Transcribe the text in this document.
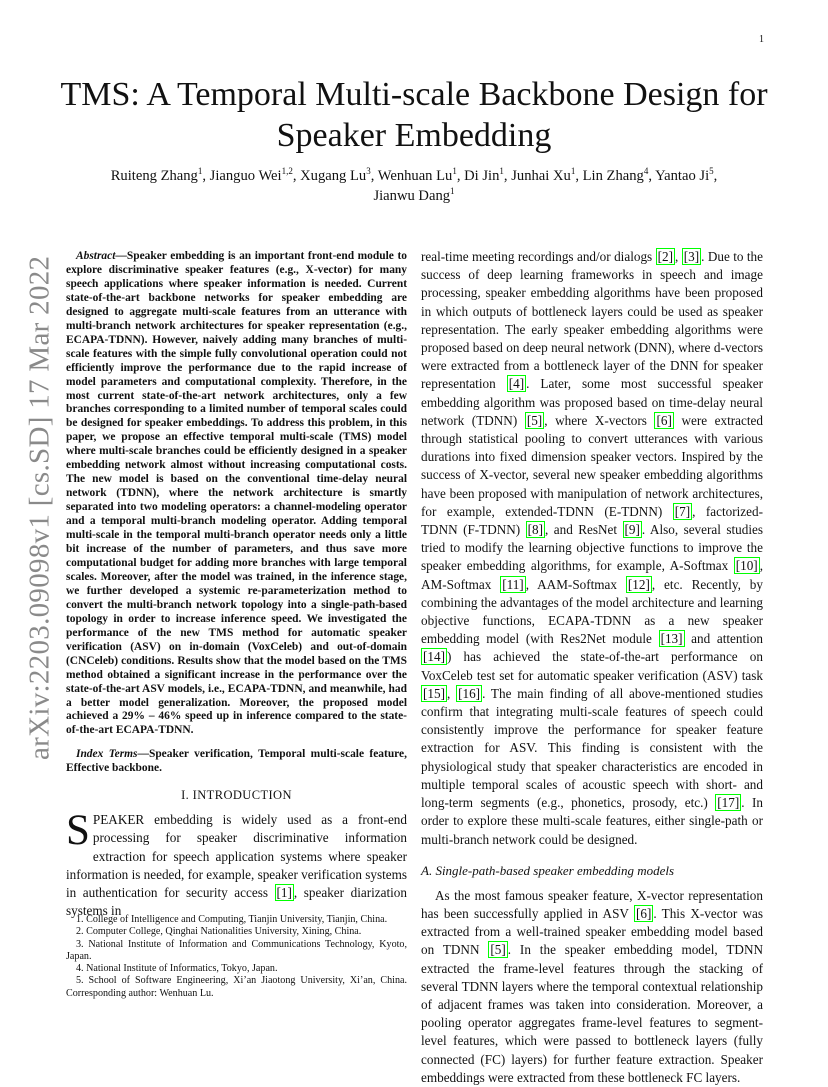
1
arXiv:2203.09098v1 [cs.SD] 17 Mar 2022
TMS: A Temporal Multi-scale Backbone Design for Speaker Embedding
Ruiteng Zhang$^1$, Jianguo Wei$^{1,2}$, Xugang Lu$^3$, Wenhuan Lu$^1$, Di Jin$^1$, Junhai Xu$^1$, Lin Zhang$^4$, Yantao Ji$^5$,
Jianwu Dang$^1$

Abstract—Speaker embedding is an important front-end module to explore discriminative speaker features (e.g., X-vector) for many speech applications where speaker information is needed. Current state-of-the-art backbone networks for speaker embedding are designed to aggregate multi-scale features from an utterance with multi-branch network architectures for speaker representation (e.g., ECAPA-TDNN). However, naively adding many branches of multi-scale features with the simple fully convolutional operation could not efficiently improve the performance due to the rapid increase of model parameters and computational complexity. Therefore, in the most current state-of-the-art network architectures, only a few branches corresponding to a limited number of temporal scales could be designed for speaker embeddings. To address this problem, in this paper, we propose an effective temporal multi-scale (TMS) model where multi-scale branches could be efficiently designed in a speaker embedding network almost without increasing computational costs. The new model is based on the conventional time-delay neural network (TDNN), where the network architecture is smartly separated into two modeling operators: a channel-modeling operator and a temporal multi-branch modeling operator. Adding temporal multi-scale in the temporal multi-branch operator needs only a little bit increase of the number of parameters, and thus save more computational budget for adding more branches with large temporal scales. Moreover, after the model was trained, in the inference stage, we further developed a systemic re-parameterization method to convert the multi-branch network topology into a single-path-based topology in order to increase inference speed. We investigated the performance of the new TMS method for automatic speaker verification (ASV) on in-domain (VoxCeleb) and out-of-domain (CNCeleb) conditions. Results show that the model based on the TMS method obtained a significant increase in the performance over the state-of-the-art ASV models, i.e., ECAPA-TDNN, and meanwhile, had a better model generalization. Moreover, the proposed model achieved a 29% – 46% speed up in inference compared to the state-of-the-art ECAPA-TDNN.

Index Terms—Speaker verification, Temporal multi-scale feature, Effective backbone.

I. INTRODUCTION

SPEAKER embedding is widely used as a front-end processing for speaker discriminative information extraction for speech application systems where speaker information is needed, for example, speaker verification systems in authentication for security access [1] , speaker diarization systems in

1. College of Intelligence and Computing, Tianjin University, Tianjin, China.

2. Computer College, Qinghai Nationalities University, Xining, China.

3. National Institute of Information and Communications Technology, Kyoto, Japan.

4. National Institute of Informatics, Tokyo, Japan.

5. School of Software Engineering, Xi’an Jiaotong University, Xi’an, China. Corresponding author: Wenhuan Lu.

real-time meeting recordings and/or dialogs [2] , [3] . Due to the success of deep learning frameworks in speech and image processing, speaker embedding algorithms have been proposed in which outputs of bottleneck layers could be used as speaker representation. The early speaker embedding algorithms were proposed based on deep neural network (DNN), where d-vectors were extracted from a bottleneck layer of the DNN for speaker representation [4] . Later, some most successful speaker embedding algorithm was proposed based on time-delay neural network (TDNN) [5] , where X-vectors [6] were extracted through statistical pooling to convert utterances with various durations into fixed dimension speaker vectors. Inspired by the success of X-vector, several new speaker embedding algorithms have been proposed with manipulation of network architectures, for example, extended-TDNN (E-TDNN) [7] , factorized-TDNN (F-TDNN) [8] , and ResNet [9] . Also, several studies tried to modify the learning objective functions to improve the speaker embedding algorithms, for example, A-Softmax [10] , AM-Softmax [11] , AAM-Softmax [12] , etc. Recently, by combining the advantages of the model architecture and learning objective functions, ECAPA-TDNN as a new speaker embedding model (with Res2Net module [13] and attention [14] ) has achieved the state-of-the-art performance on VoxCeleb test set for automatic speaker verification (ASV) task [15] , [16] . The main finding of all above-mentioned studies confirm that integrating multi-scale features of speech could consistently improve the performance for speaker feature extraction for ASV. This finding is consistent with the physiological study that speaker characteristics are encoded in multiple temporal scales of acoustic speech with short- and long-term segments (e.g., phonetics, prosody, etc.) [17] . In order to explore these multi-scale features, either single-path or multi-branch network could be designed.

A. Single-path-based speaker embedding models

As the most famous speaker feature, X-vector representation has been successfully applied in ASV [6] . This X-vector was extracted from a well-trained speaker embedding model based on TDNN [5] . In the speaker embedding model, TDNN extracted the frame-level features through the stacking of several TDNN layers where the temporal contextual relationship of adjacent frames was taken into consideration. Moreover, a pooling operator aggregates frame-level features to segment-level features, which were passed to bottleneck layers (fully connected (FC) layers) for further feature extraction. Speaker embeddings were extracted from these bottleneck FC layers.
